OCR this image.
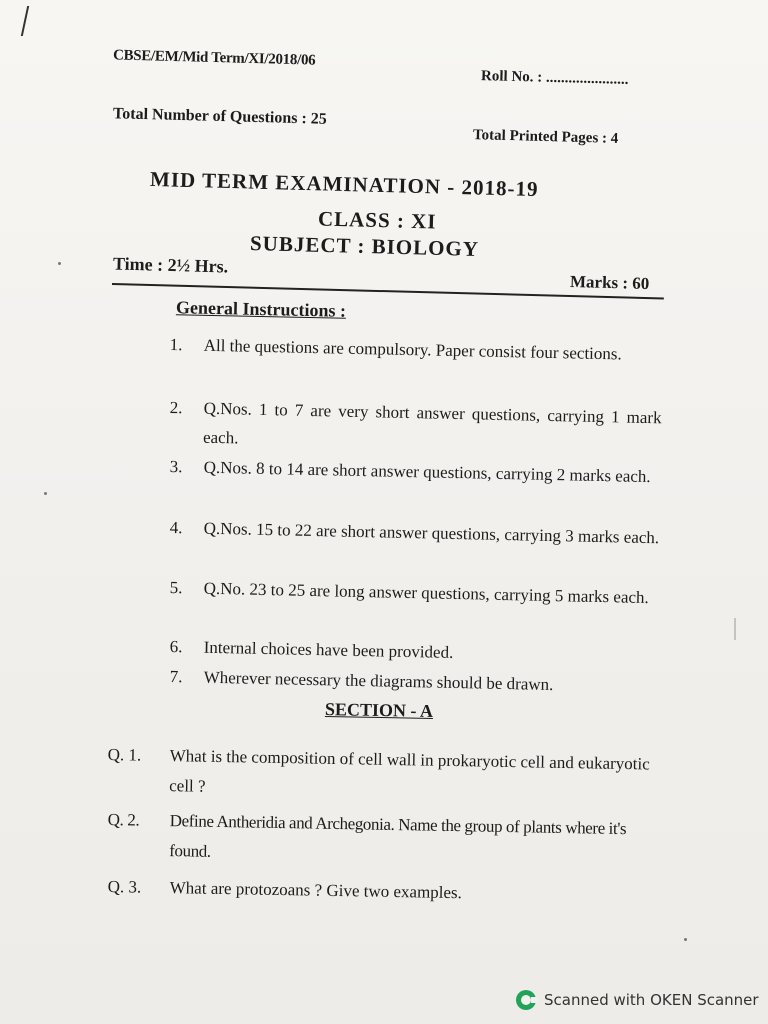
CBSE/EM/Mid Term/XI/2018/06
Roll No. : ......................
Total Number of Questions : 25
Total Printed Pages : 4
MID TERM EXAMINATION - 2018-19
CLASS : XI
SUBJECT : BIOLOGY
Time : 2½ Hrs.
Marks : 60
General Instructions :
1.	All the questions are compulsory. Paper consist four sections.
2.	Q.Nos. 1 to 7 are very short answer questions, carrying 1 mark each.
3.	Q.Nos. 8 to 14 are short answer questions, carrying 2 marks each.
4.	Q.Nos. 15 to 22 are short answer questions, carrying 3 marks each.
5.	Q.No. 23 to 25 are long answer questions, carrying 5 marks each.
6.	Internal choices have been provided.
7.	Wherever necessary the diagrams should be drawn.
SECTION - A
Q. 1.	What is the composition of cell wall in prokaryotic cell and eukaryotic cell ?
Q. 2.	Define Antheridia and Archegonia. Name the group of plants where it's found.
Q. 3.	What are protozoans ? Give two examples.
Scanned with OKEN Scanner
